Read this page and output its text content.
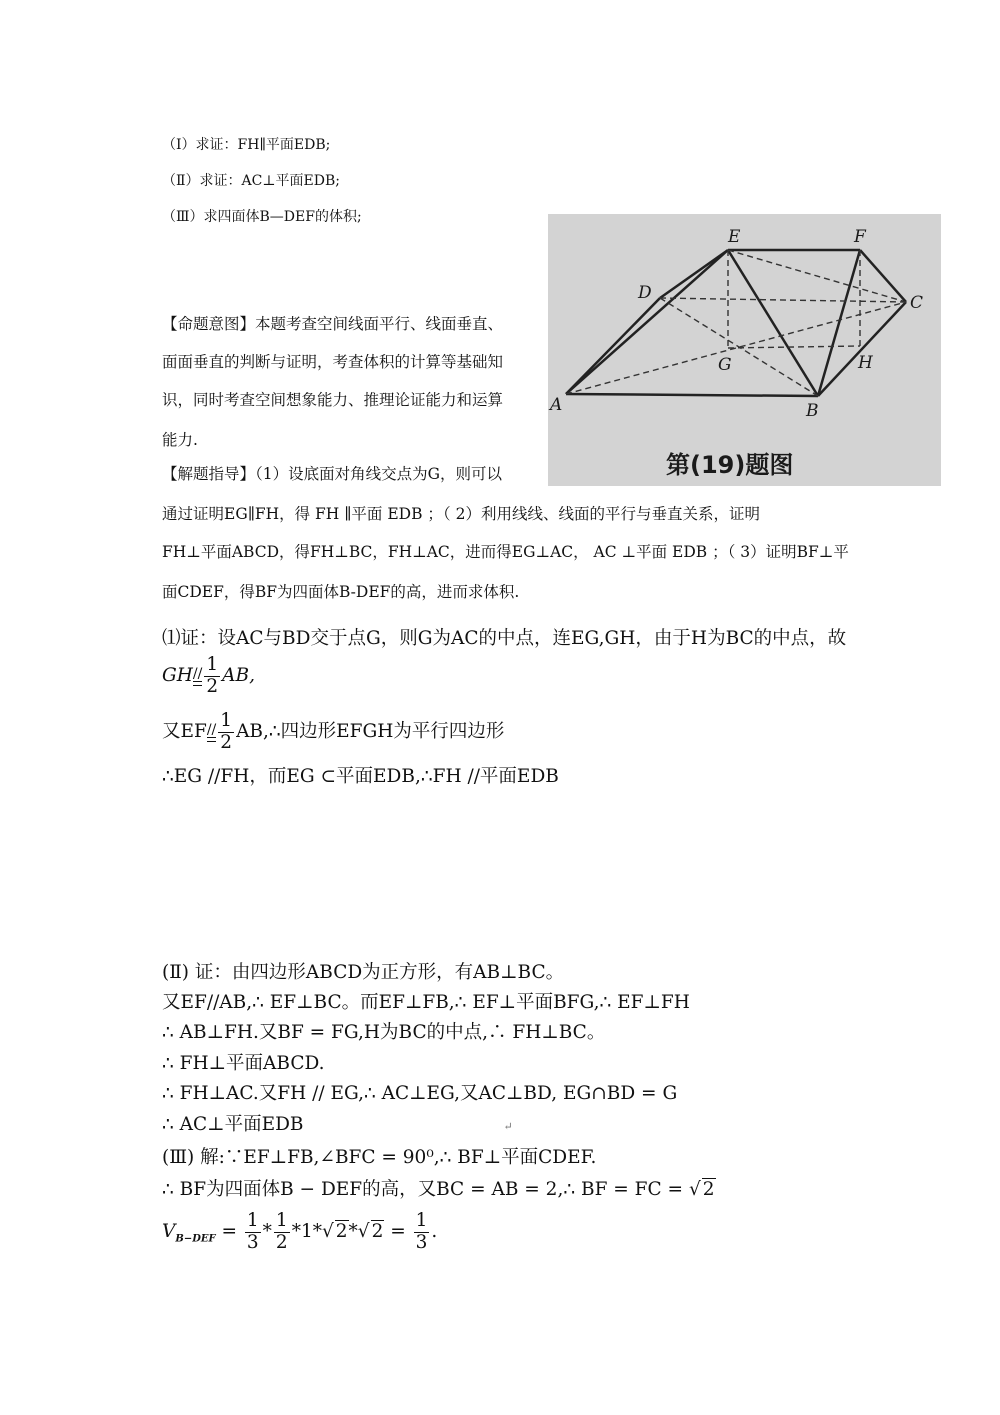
（Ⅰ）求证：FH∥平面EDB;
（Ⅱ）求证：AC⊥平面EDB;
（Ⅲ）求四面体B—DEF的体积;
A	B
C
D
E	F
G	H
第(19)题图
【命题意图】本题考查空间线面平行、线面垂直、
面面垂直的判断与证明，考查体积的计算等基础知
识，同时考查空间想象能力、推理论证能力和运算
能力.
【解题指导】（1）设底面对角线交点为G，则可以
通过证明EG∥FH，得 FH ∥平面 EDB ；（ 2）利用线线、线面的平行与垂直关系，证明
FH⊥平面ABCD，得FH⊥BC，FH⊥AC，进而得EG⊥AC， AC ⊥平面 EDB ；（ 3）证明BF⊥平
面CDEF，得BF为四面体B-DEF的高，进而求体积.
⑴证：设AC与BD交于点G，则G为AC的中点，连EG,GH，由于H为BC的中点，故
GH // $\frac{1}{2}$ AB,
又EF // $\frac{1}{2}$ AB,∴四边形EFGH为平行四边形
∴EG //FH，而EG ⊂平面EDB,∴FH //平面EDB
(Ⅱ) 证：由四边形ABCD为正方形，有AB⊥BC。
又EF//AB,∴ EF⊥BC。而EF⊥FB,∴ EF⊥平面BFG,∴ EF⊥FH
∴ AB⊥FH.又BF = FG,H为BC的中点,∴ FH⊥BC。
∴ FH⊥平面ABCD.
∴ FH⊥AC.又FH // EG,∴ AC⊥EG,又AC⊥BD, EG∩BD = G
∴ AC⊥平面EDB	↵
(Ⅲ) 解:∵EF⊥FB,∠BFC = 90⁰,∴ BF⊥平面CDEF.
∴ BF为四面体B − DEF的高，又BC = AB = 2,∴ BF = FC = √ 2
$V_{B-DEF} = \frac{1}{3} * \frac{1}{2} *1*√$ 2*√ $2 = \frac{1}{3}$ .
